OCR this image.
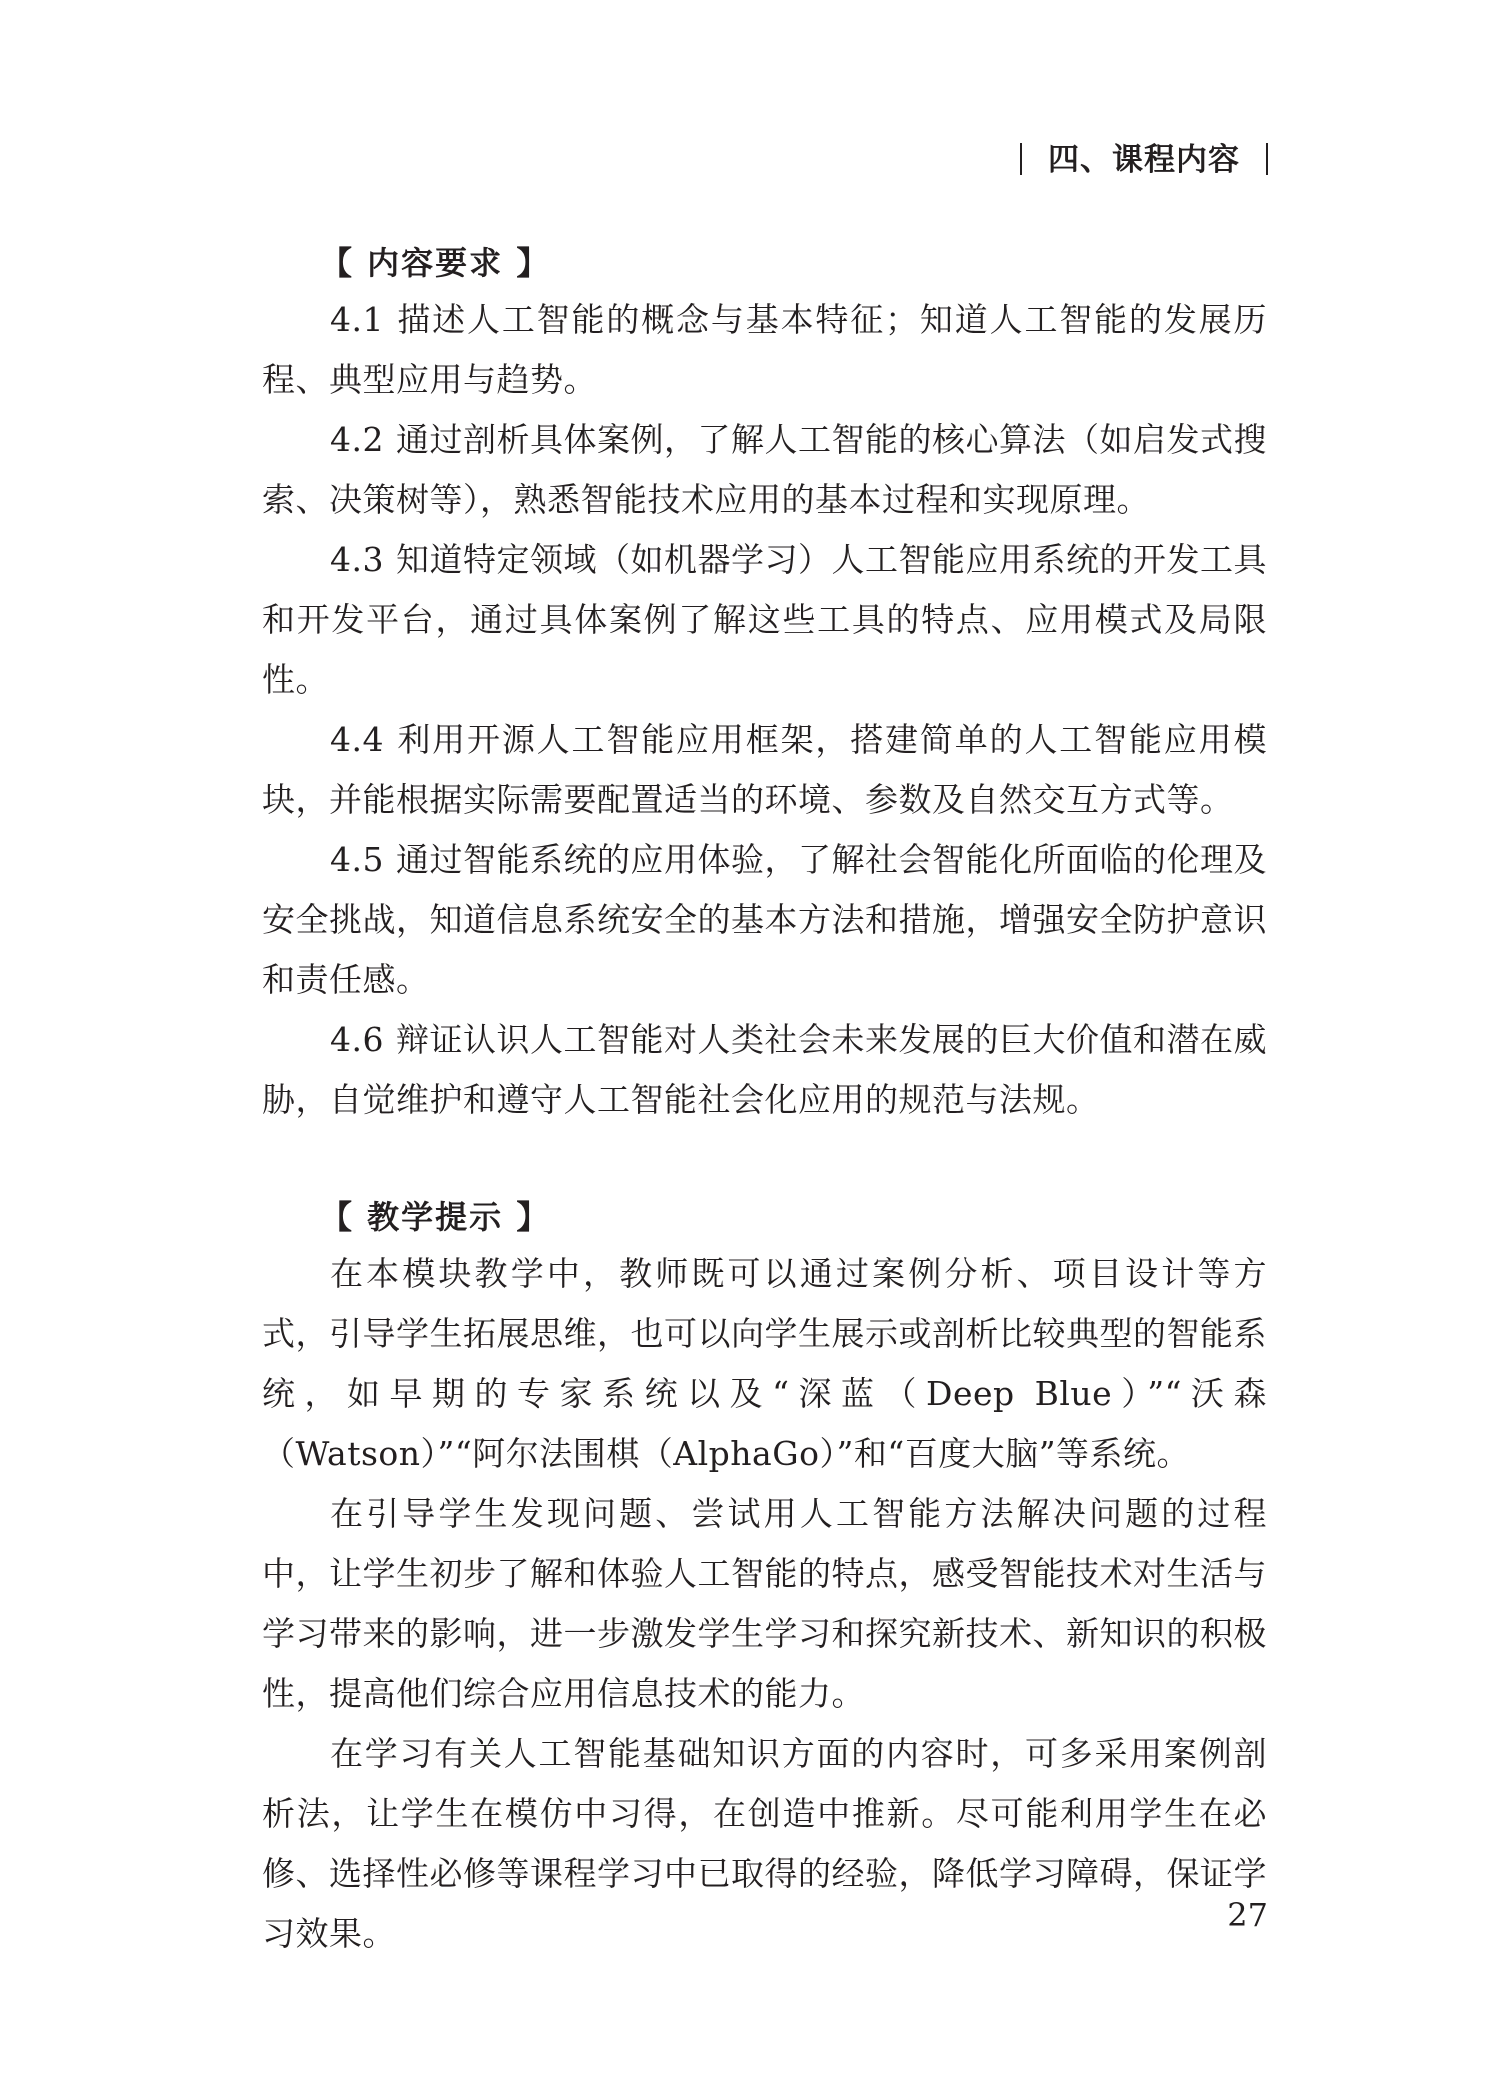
四、课程内容
【 内容要求 】

4.1 描述人工智能的概念与基本特征；知道人工智能的发展历程、典型应用与趋势。

4.2 通过剖析具体案例，了解人工智能的核心算法（如启发式搜索、决策树等），熟悉智能技术应用的基本过程和实现原理。

4.3 知道特定领域（如机器学习）人工智能应用系统的开发工具和开发平台，通过具体案例了解这些工具的特点、应用模式及局限性。

4.4 利用开源人工智能应用框架，搭建简单的人工智能应用模块，并能根据实际需要配置适当的环境、参数及自然交互方式等。

4.5 通过智能系统的应用体验，了解社会智能化所面临的伦理及安全挑战，知道信息系统安全的基本方法和措施，增强安全防护意识和责任感。

4.6 辩证认识人工智能对人类社会未来发展的巨大价值和潜在威胁，自觉维护和遵守人工智能社会化应用的规范与法规。

【 教学提示 】

在本模块教学中，教师既可以通过案例分析、项目设计等方式，引导学生拓展思维，也可以向学生展示或剖析比较典型的智能系统，如早期的专家系统以及“深蓝（Deep Blue）”“沃森（Watson）”“阿尔法围棋（AlphaGo）”和“百度大脑”等系统。

在引导学生发现问题、尝试用人工智能方法解决问题的过程中，让学生初步了解和体验人工智能的特点，感受智能技术对生活与学习带来的影响，进一步激发学生学习和探究新技术、新知识的积极性，提高他们综合应用信息技术的能力。

在学习有关人工智能基础知识方面的内容时，可多采用案例剖析法，让学生在模仿中习得，在创造中推新。尽可能利用学生在必修、选择性必修等课程学习中已取得的经验，降低学习障碍，保证学习效果。	27
